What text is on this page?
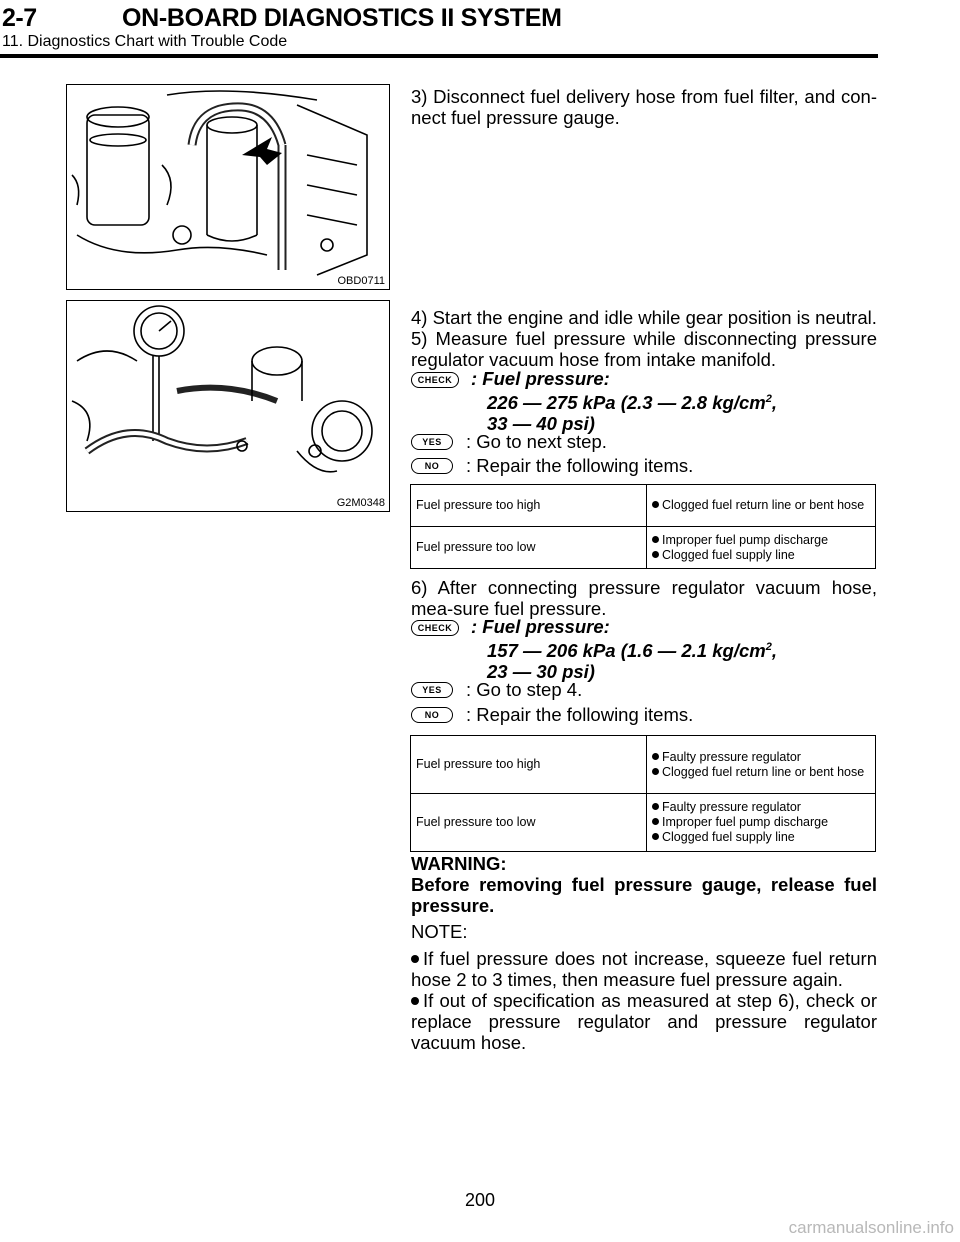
2-7	ON-BOARD DIAGNOSTICS II SYSTEM
11. Diagnostics Chart with Trouble Code
OBD0711
G2M0348

3) Disconnect fuel delivery hose from fuel filter, and con-nect fuel pressure gauge.

4) Start the engine and idle while gear position is neutral.

5) Measure fuel pressure while disconnecting pressure regulator vacuum hose from intake manifold.

CHECK	: Fuel pressure:
226 — 275 kPa (2.3 — 2.8 $kg/cm^2$,
33 — 40 psi)
YES	: Go to next step.
NO	: Repair the following items.
Fuel pressure too high	Clogged fuel return line or bent hose

Fuel pressure too low	Improper fuel pump discharge
Clogged fuel supply line

6) After connecting pressure regulator vacuum hose, mea-sure fuel pressure.

CHECK	: Fuel pressure:
157 — 206 kPa (1.6 — 2.1 $kg/cm^2$,
23 — 30 psi)
YES	: Go to step 4.
NO	: Repair the following items.
Fuel pressure too high	Faulty pressure regulator
Clogged fuel return line or bent hose

Fuel pressure too low	Faulty pressure regulator
Improper fuel pump discharge
Clogged fuel supply line
WARNING:
Before removing fuel pressure gauge, release fuel pressure.
NOTE:
If fuel pressure does not increase, squeeze fuel return hose 2 to 3 times, then measure fuel pressure again.
If out of specification as measured at step 6), check or replace pressure regulator and pressure regulator vacuum hose.
200
carmanualsonline.info
